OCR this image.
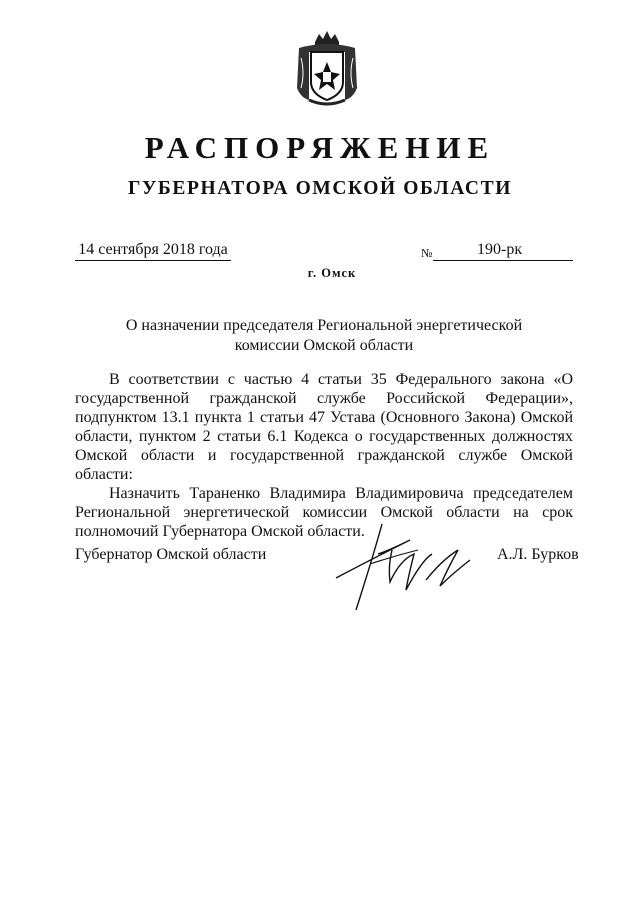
РАСПОРЯЖЕНИЕ
ГУБЕРНАТОРА ОМСКОЙ ОБЛАСТИ
14 сентября 2018 года	№	190-рк
г. Омск
О назначении председателя Региональной энергетической комиссии Омской области

В соответствии с частью 4 статьи 35 Федерального закона «О государственной гражданской службе Российской Федерации», подпунктом 13.1 пункта 1 статьи 47 Устава (Основного Закона) Омской области, пунктом 2 статьи 6.1 Кодекса о государственных должностях Омской области и государственной гражданской службе Омской области:

Назначить Тараненко Владимира Владимировича председателем Региональной энергетической комиссии Омской области на срок полномочий Губернатора Омской области.

Губернатор Омской области	А.Л. Бурков
